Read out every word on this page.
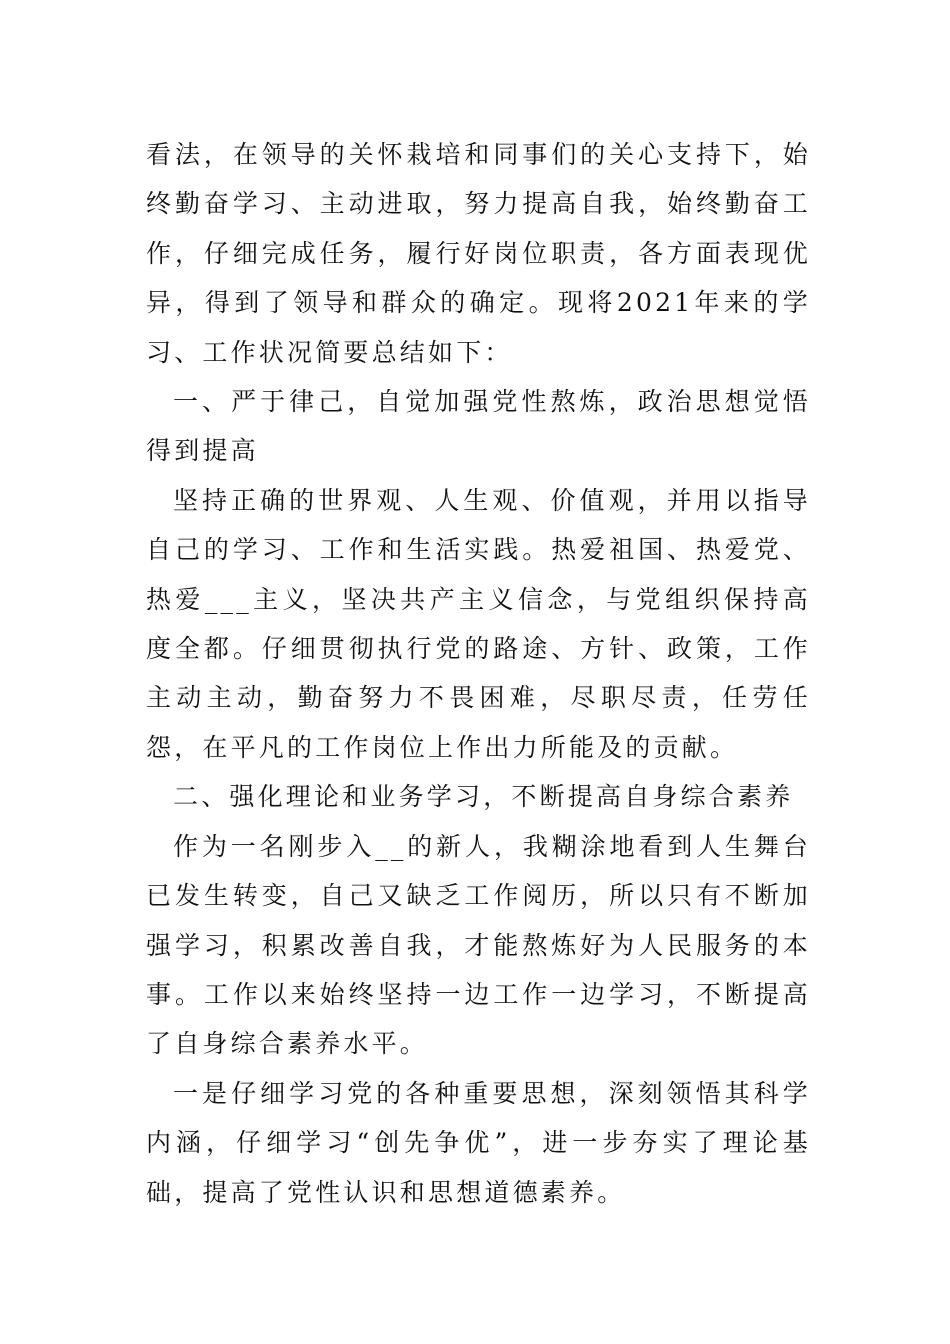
看法，在领导的关怀栽培和同事们的关心支持下，始终勤奋学习、主动进取，努力提高自我，始终勤奋工作，仔细完成任务，履行好岗位职责，各方面表现优异，得到了领导和群众的确定。现将2021年来的学习、工作状况简要总结如下：

一、严于律己，自觉加强党性熬炼，政治思想觉悟得到提高

坚持正确的世界观、人生观、价值观，并用以指导自己的学习、工作和生活实践。热爱祖国、热爱党、热爱___主义，坚决共产主义信念，与党组织保持高度全都。仔细贯彻执行党的路途、方针、政策，工作主动主动，勤奋努力不畏困难，尽职尽责，任劳任怨，在平凡的工作岗位上作出力所能及的贡献。

二、强化理论和业务学习，不断提高自身综合素养

作为一名刚步入__的新人，我糊涂地看到人生舞台已发生转变，自己又缺乏工作阅历，所以只有不断加强学习，积累改善自我，才能熬炼好为人民服务的本事。工作以来始终坚持一边工作一边学习，不断提高了自身综合素养水平。

一是仔细学习党的各种重要思想，深刻领悟其科学内涵，仔细学习“创先争优”，进一步夯实了理论基础，提高了党性认识和思想道德素养。
